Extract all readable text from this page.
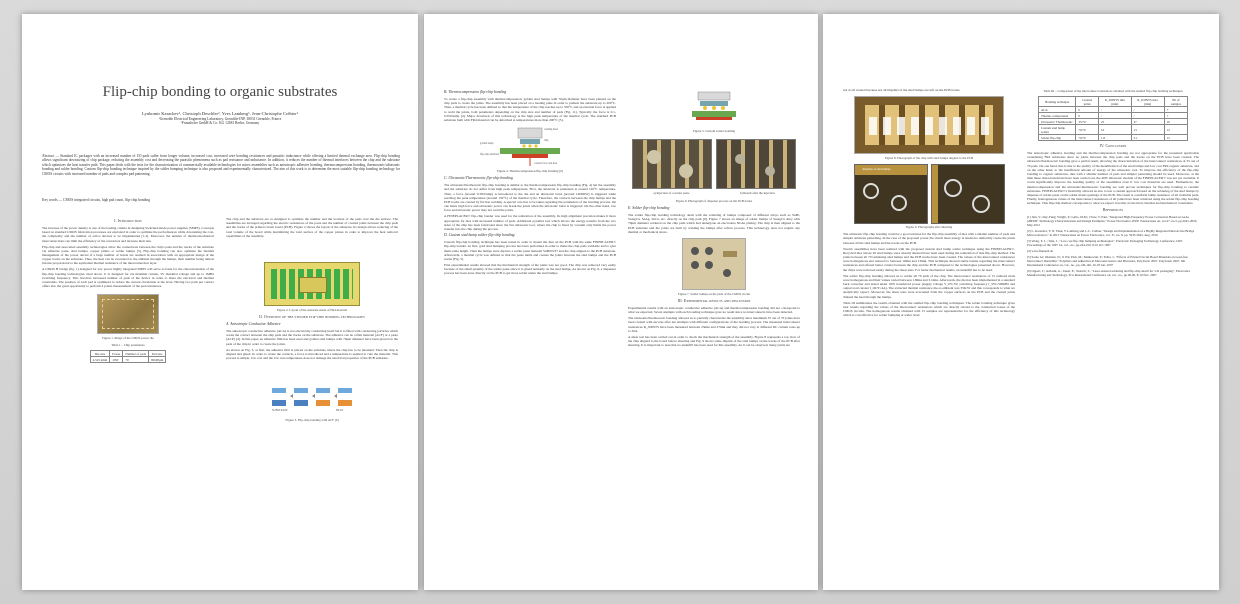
Flip-chip bonding to organic substrates
Lyubomir Karachev¹, Christoph Deschler², Yves Lamberg¹, Jean-Christophe Crébier¹
¹Grenoble Electrical Engineering Laboratory, Grenoble-INP, 38031 Grenoble, France
²Fraunhofer GmbH & Co. KG 12681 Berlin, Germany
Abstract — Standard IC packages with an increased number of I/O pads suffer from longer volume, increased cost, increased wire bonding resistances and parasitic inductance while offering a limited thermal exchange area. Flip-chip bonding allows significant downsizing of chip package, reducing the assembly cost and decreasing the parasitic phenomena such as pad resistance and inductance. In addition, it reduces the number of thermal interfaces between the chip and the substrate which optimizes the heat transfer path. This paper deals with the tests for the characterization of commercially available technologies for micro assemblies such as anisotropic adhesive bonding, thermocompression bonding, thermosonic/ultrasonic bonding and solder bonding. Custom flip-chip bonding technique inspired by the solder bumping technique is also proposed and experimentally characterized. The aim of this work is to determine the most suitable flip-chip bonding technology for CMOS circuits with increased number of pads and complex pad patterning.
Key words — CMOS integrated circuits, high pad count, flip-chip bonding
I. Introduction

The increase of the power density is one of the leading criteria in designing Switched-mode power supplies (SMPS). Concepts based on standard CMOS fabrication processes are exploited in order to optimize the performances while downsizing the cost, the complexity and the number of active devices to be implemented [1-2]. Moreover, the number of thermo-mechanical interconnections can limit the efficiency of the converters and increase their size.

Flip-chip and associated assembly technologies allow the connections between the chip's pads and the tracks of the substrate via adhesive paste, stud bumps, copper pillars or solder bumps [3]. Flip-chip bonding can also optimize the thermal management of the power device if a large number of bonds are realized in association with an appropriate design of the copper tracks on the substrate. Thus, the heat can be evacuated to the ambient through the bumps, their number being almost inverse proportional to the equivalent thermal resistance of the interconnection layer.

A CMOS H bridge (fig. 1) designed for low power highly integrated SMPS will serve as basis for the characterization of the flip-chip bonding technologies cited above. It is designed for 2A maximal current, 5V maximal voltage and up to 1MHz switching frequency. This involves increased number of pads of the device in order to share the electrical and thermal constraints. The position of each pad is optimized to reduce the current circulation at the level. Having two pads per contact offers also the great opportunity to perform 4 points measurement of the pad resistances.

Figure 1. Image of the CMOS power die
Table 1 – Chip parameters
Die size	Power	Number of pads	Pad size
4.5x5.2mm	10W	70	90x90µm

The chip and the substrate are co-designed to optimize the number and the location of the pads over the die surface. The assemblies are arranged regarding the electric resistances of the posts and the number of created joints between the chip pads and the tracks of the printed circuit board (PCB). Figure 2 shows the layout of the substrate. Its design allows reducing of the total volume of the board while maximizing the total surface of the copper planes in order to improve the heat removal capabilities of the assembly.

Figure 2. Layout of the substrate made of FR4 material
II. Overview of the studied flip-chip bonding technologies
A. Anisotropic Conductive Adhesive

The anisotropic conductive adhesive (ACA) is not electrically conducting itself but it is filled with conducting particles which create the contact between the chip pads and the tracks on the substrate. The adhesive can be a film material (ACF) or a paste (ACP) [4]. In this paper an adhesive film has been used and golden stud bumps with 70µm diameter have been placed on the pads of the chip in order to create the joints.

As shown on Fig. 3, at first, the adhesive film is placed on the substrate where the chip has to be mounted. Then the chip is aligned and glued. In order to create the contacts, a force is introduced and a temperature is applied to cure the material. This process is simple, low cost and the low cure temperature does not damage the electrical properties of the PCB substrate.

SUBSTRATE	HEAT
Figure 3. Flip-chip bonding with ACF [6]
B. Thermocompression flip-chip bonding

To create a flip-chip assembly with thermocompression, golden stud bumps with 70µm diameter have been planted on the chip pads to create the joints. The assembly has been placed on a heating plate in order to preheat the substrate up to 200°C. Then, a thermal cycle has been defined so that the temperature of the chip reaches up to 350°C and an external force is applied to weld the joints, both parameters depending on the chip size and number of pads (Fig. 11). Typically the force is 0.1-0.5N/bump [4]. Major drawback of this technology is the high peak temperature of the thermal cycle. The standard PCB substrate built with FR4 material can be deformed at temperatures more than 200°C [5].

welding head
golden bump
chip
counter force and heat
flip-chip-substrate
Figure 4. Thermocompression flip-chip bonding [6]
C. Ultrasonic/Thermosonic flip-chip bonding

The ultrasonic/thermosonic flip-chip bonding is similar to the thermocompression flip-chip bonding (Fig. 4) but the assembly and the substrate do not suffer from high peak temperature. First, the substrate is preheated at around 120°C temperature. Then, a force (around 0.3N/bump) is introduced to the die and an ultrasonic burst (around 1400mW) is triggered while reaching the peak temperature (around 150°C) of the thermal cycle. Therefore, the contacts between the chip bumps and the PCB tracks are created by friction welding. A special care has to be taken regarding the parameters of the bonding process. On one hand, high force and ultrasonic power can break the joints when the ultrasonic burst is triggered. On the other hand, low force and ultrasonic power may not weld the joints.

A FINEPLACER® flip-chip bonder was used for the realization of the assembly. Its high alignment precision makes it more appropriate for dies with increased number of pads. Additional pyramid tool which allows the energy transfer from the two sides of the chip has been fabricated since the flat ultrasonic tool, where the chip is fixed by vacuum only limits the power transfer into the chip during the process.

D. Custom stud bump solder flip-chip bonding

Custom flip-chip bonding technique has been tested in order to mount the dies on the PCB with the same FINEPLACER® flip-chip bonder. At first, gold stud bumping process has been performed in order to make the chip pads weldable and to give them some height. Then the bumps were dip into a solder paste material SnPb63/37 and the chip aligned to the PCB substrate. Afterwards, a thermal cycle was defined so that the paste melts and creates the joints between the stud bumps and the PCB tracks (Fig. 5).

First experimental results showed that the mechanical strength of the joints was not good. The chip was removed very easily because of the small quantity of the solder paste since it is glued naturally on the stud bumps. As shown on Fig. 6, a dispenser process has been done directly on the PCB to get more solder under the stud bumps.

Figure 5. Custom solder bonding
a) Injection of a solder paste	b) Result after the injection
Figure 6. Photograph of dispense process on the PCB tracks
E. Solder flip-chip bonding

The solder flip-chip bonding technology deals with the soldering of bumps composed of different alloys such as SnPb, SnAgCu, SnAg, SnCu, etc. directly on the chip pads [6]. Figure 7 shows an image of solder bumps of SnAgCu alloy with 70µm diameter soldered on the chip pads which had undergone an electroless Ni/Au plating. The chip is then aligned to the PCB substrate and the joints are built by welding the bumps after reflow process. This technology does not require any thermal or mechanical stress.

Figure 7. Solder bumps on the pads of the CMOS circuit
III. Experimental results and discussion

Experimental results with an anisotropic conductive adhesive (ACA) and thermocompression bonding did not correspond to what we expected. Seven attempts with each bonding technique gave no result since no interconnects have been detected.

The ultrasonic/thermosonic bonding allowed us to partially characterize the assembly since maximum 35 out of 70 joints have been created with success after ten attempts with different configurations of the bonding process. The measured interconnect resistances R_JOINTS have been measured between 25mΩ and 27mΩ and they did not vary at different DC current rates up to 20A.

A shear test has been carried out in order to check the mechanical strength of the assembly. Figure 8 represents a top view of the chip aligned to the board before shearing and Fig. 9 shows some imprint of the stud bumps on the tracks of the PCB after shearing. It is important to note that no underfill has been used for this assembly. As it can be observed, many joints are

not at all created because not all imprints of the stud bumps are left on the PCB tracks.

Figure 8. Photograph of the chip with stud bumps aligned to the PCB
Imprints of stud bumps
Figure 9. Photographs after shearing

The ultrasonic flip-chip bonding could be a good solution for the flip-chip assembly of dies with a smaller number of pads and simpler substrate patterning. In the case of the proposed power die, much more energy is needed to uniformly create the joints between all the stud bumps and the tracks on the PCB.

Twelve assemblies have been realized with the proposed custom stud bump solder technique using the FINEPLACER®. Recycled dies whose 20 stud bumps were already sheared have been used during the realization of this flip-chip method. The joints between all 70 remaining stud bumps and the PCB tracks have been created. The values of the interconnect resistances were homogenous and reduced to between 10mΩ and 13mΩ. This technique showed stable results regarding the interconnect resistances and offered better contact between the chip and the PCB compared to the technologies presented above. However, the chips were removed easily during the shear tests. For better mechanical results, an underfill has to be used.

The solder flip-chip bonding allowed us to solder all 70 pads of the chip. The interconnect resistances of 15 realized trials were homogenous and their values varied between 1.8mΩ and 3.1mΩ. Afterwards, the die has been implemented in a standard buck converter and tested under 10W transferred power (supply voltage V_IN=5V, switching frequency f_SW=500kHz and output load current I_OUT=4A). The extracted thermal resistance die-to-ambient was 35K/W and this corresponds to what we analytically expect. Moreover, the shear tests were evacuated from the copper surfaces on the PCB and the created joints drained the heat through the bumps.

Table III summarizes the results obtained with the studied flip-chip bonding techniques. The solder bonding technique gives best results regarding the values of the interconnect resistances which are directly related to the conduction losses of the CMOS circuits. The homogenous results obtained with 15 samples are representative for the efficiency of this technology which is cost effective for solder bumping at wafer level.

Table III – Comparison of the interconnect resistances obtained with the studied flip-chip bonding techniques
Bonding technique	Created joints	R_JOINTS min (mΩ)	R_JOINTS max (mΩ)	Nb of samples
ACA	0	/	/	7
Thermo-compression	0	/	/	7
Ultrasonic/ Thermosonic	35/70	25	27	10
Custom stud bump solder	70/70	10	13	12
Solder flip-chip	70/70	1.8	3.1	15
IV. Conclusion

The anisotropic adhesive bonding and the thermocompression bonding are not appropriate for the presented application considering FR4 substrates since no joints between the chip pads and the tracks on the PCB have been created. The ultrasonic/thermosonic bonding gave a partial result, allowing the characterization of the interconnect resistances of 35 out of 70 pads. On one hand, this is due to the quality of the metallization of the stud bumps and low cost FR4 organic substrate, and on the other hand, to the insufficient amount of energy of the ultrasonic tool. To improve the efficiency of the flip-chip bonding to organic substrates, dies with a smaller number of pads and simpler patterning should be used. Moreover, at the time these characterizations have been carried out, the 40W ultrasonic module of the FINEPLACER® was not yet available. It could significantly improve the bonding quality of the assemblies even if low cost materials are used. Furthermore, the thermocompression and the ultrasonic/thermosonic bonding are well proven techniques for flip-chip bonding to ceramic substrates. FINEPLACER®'s flexibility allowed us also to test a custom approach based on the soldering of the stud bumps by dispense of solder paste on the solder mask openings of the PCB. The result is a uniform bump resistance of all available pads. Finally, homogeneous values of the interconnect resistances of all joints have been achieved using the solder flip-chip bonding technique. This flip-chip method corresponds to what we expect in terms of electrical, thermal and mechanical constraints.

References

[1] Jain, V.; Dey-Fung; Wright, P.; Gallo, M.M.; Chow, T. Paul, "Integrated High-Frequency Power Converters Based on GaAs pHEMT: Technology Characterization and Design Examples," Power Electronics, IEEE Transactions on, vol.27, no.5, pp.2641-2659, May 2012

[2] L. Karachev, Y. N. Yuan, Y. Lamberg and J.-C. Crébier, "Design and Implementation of a Highly Integrated Dual Active Bridge Microconverter," in 2015 Transactions on Power Electronics, vol. 31, no. 8, pp. 5633-5645, Aug. 2016

[3] Wong, E. L.; Wen, J., "Low cost flip chip bumping technologies", Electronic Packaging Technology Conference, 1997. Proceedings of the 1997 1st, vol., no., pp.244-250, 8-10 Oct 1997

[4] www.finetech.de

[5] Sarno Gs; Oksman, N.; Ji Wu; Park, M.; Malkowski, P.; Felba, J., "Effects of Printed Circuit Board Materials on Lead-free Interconnect Durability," Polymers and Adhesives in Microelectronics and Photonics, Polytronic 2007. Polytronic 2007. 6th International Conference on, vol., no., pp.140-146, 16-18 Jan. 2007

[6] Oppert, T.; Azdasht, G.; Zakel, E.; Teutsch, T., "Laser assisted soldering and flip-chip attach for 3-D packaging", Electronics Manufacturing and Technology, 31st International Conference on, vol., no., pp.00,00, 8-10 Nov. 2007
